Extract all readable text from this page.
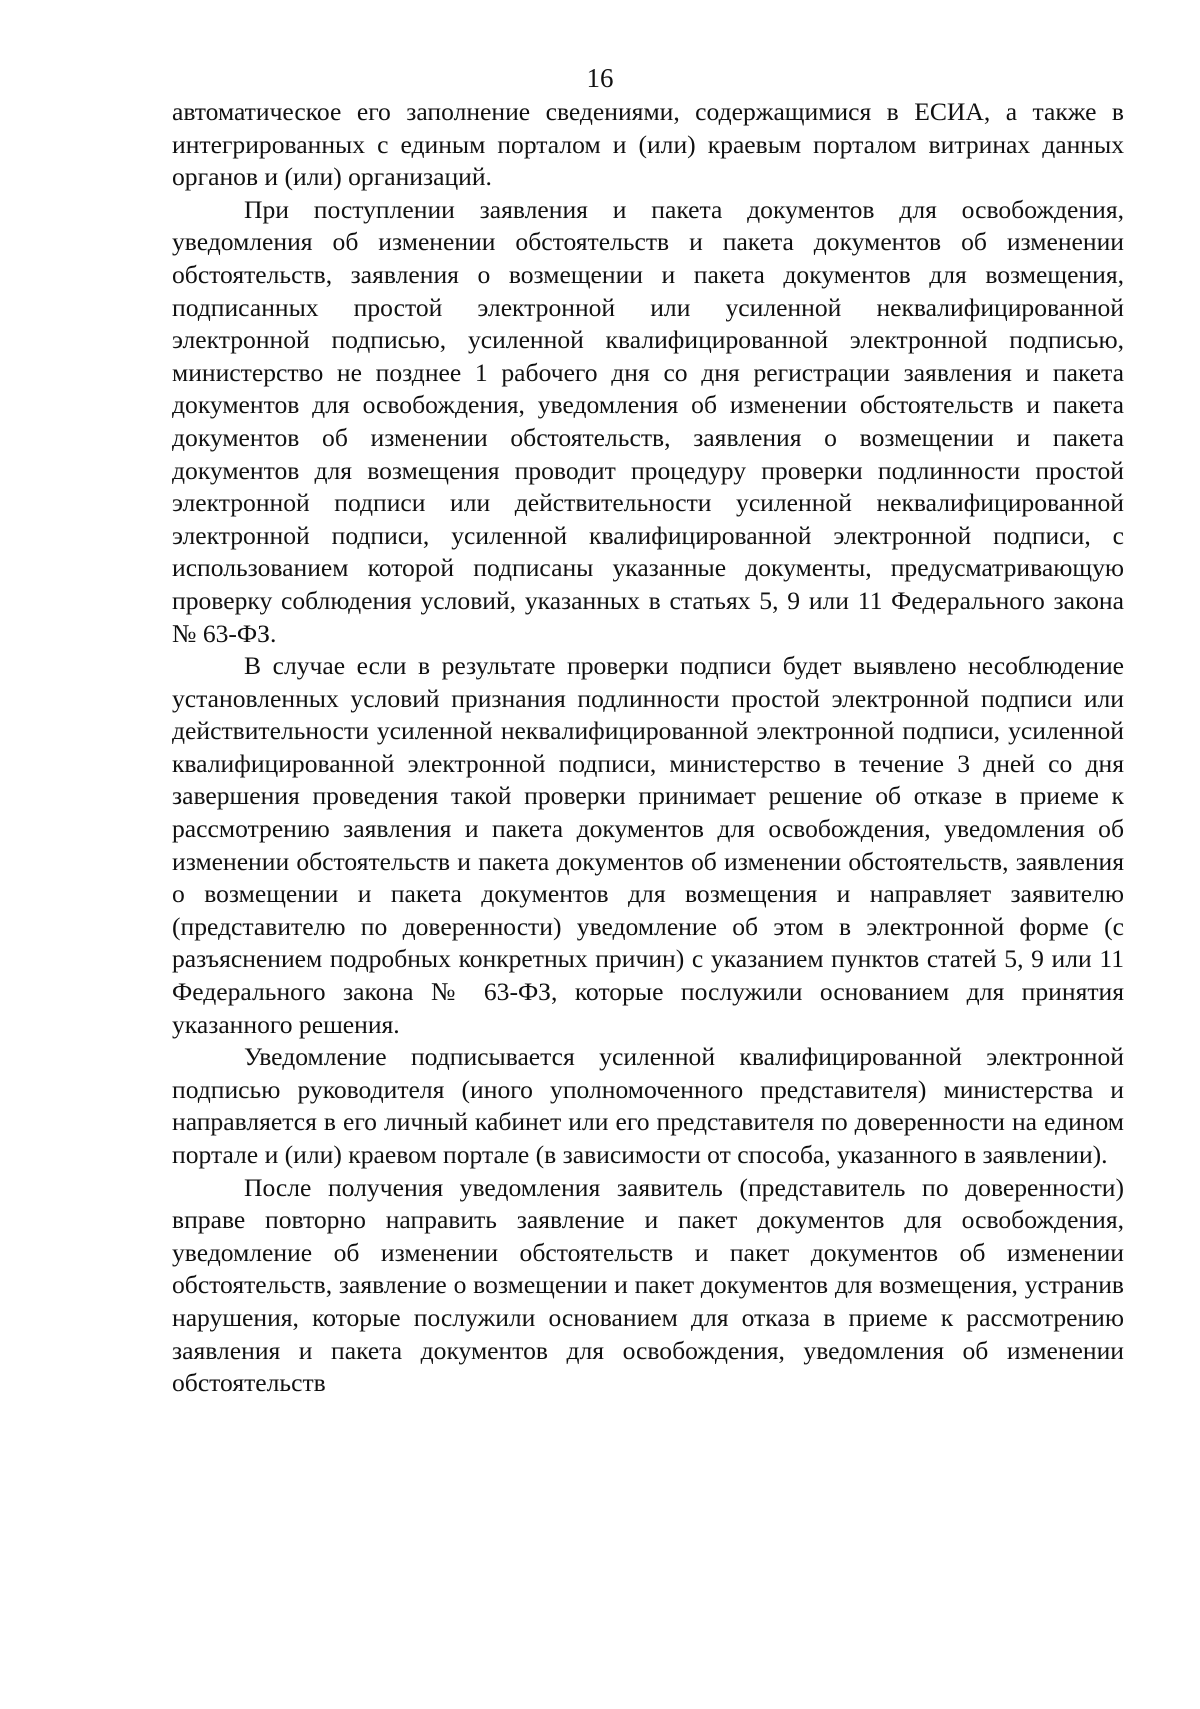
16

автоматическое его заполнение сведениями, содержащимися в ЕСИА, а также в интегрированных с единым порталом и (или) краевым порталом витринах данных органов и (или) организаций.

При поступлении заявления и пакета документов для освобождения, уведомления об изменении обстоятельств и пакета документов об изменении обстоятельств, заявления о возмещении и пакета документов для возмещения, подписанных простой электронной или усиленной неквалифицированной электронной подписью, усиленной квалифицированной электронной подписью, министерство не позднее 1 рабочего дня со дня регистрации заявления и пакета документов для освобождения, уведомления об изменении обстоятельств и пакета документов об изменении обстоятельств, заявления о возмещении и пакета документов для возмещения проводит процедуру проверки подлинности простой электронной подписи или действительности усиленной неквалифицированной электронной подписи, усиленной квалифицированной электронной подписи, с использованием которой подписаны указанные документы, предусматривающую проверку соблюдения условий, указанных в статьях 5, 9 или 11 Федерального закона № 63-ФЗ.

В случае если в результате проверки подписи будет выявлено несоблюдение установленных условий признания подлинности простой электронной подписи или действительности усиленной неквалифицированной электронной подписи, усиленной квалифицированной электронной подписи, министерство в течение 3 дней со дня завершения проведения такой проверки принимает решение об отказе в приеме к рассмотрению заявления и пакета документов для освобождения, уведомления об изменении обстоятельств и пакета документов об изменении обстоятельств, заявления о возмещении и пакета документов для возмещения и направляет заявителю (представителю по доверенности) уведомление об этом в электронной форме (с разъяснением подробных конкретных причин) с указанием пунктов статей 5, 9 или 11 Федерального закона № 63-ФЗ, которые послужили основанием для принятия указанного решения.

Уведомление подписывается усиленной квалифицированной электронной подписью руководителя (иного уполномоченного представителя) министерства и направляется в его личный кабинет или его представителя по доверенности на едином портале и (или) краевом портале (в зависимости от способа, указанного в заявлении).

После получения уведомления заявитель (представитель по доверенности) вправе повторно направить заявление и пакет документов для освобождения, уведомление об изменении обстоятельств и пакет документов об изменении обстоятельств, заявление о возмещении и пакет документов для возмещения, устранив нарушения, которые послужили основанием для отказа в приеме к рассмотрению заявления и пакета документов для освобождения, уведомления об изменении обстоятельств
